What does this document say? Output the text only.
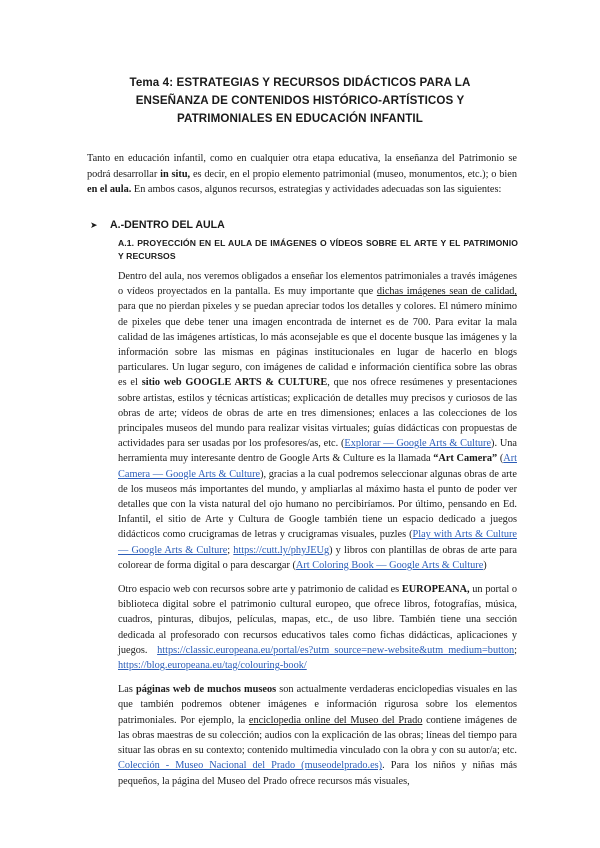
Tema 4: ESTRATEGIAS Y RECURSOS DIDÁCTICOS PARA LA
ENSEÑANZA DE CONTENIDOS HISTÓRICO-ARTÍSTICOS Y
PATRIMONIALES EN EDUCACIÓN INFANTIL
Tanto en educación infantil, como en cualquier otra etapa educativa, la enseñanza del Patrimonio se podrá desarrollar in situ, es decir, en el propio elemento patrimonial (museo, monumentos, etc.); o bien en el aula. En ambos casos, algunos recursos, estrategias y actividades adecuadas son las siguientes:
➤ A.-DENTRO DEL AULA
A.1. PROYECCIÓN EN EL AULA DE IMÁGENES O VÍDEOS SOBRE EL ARTE Y EL PATRIMONIO Y RECURSOS

Dentro del aula, nos veremos obligados a enseñar los elementos patrimoniales a través imágenes o vídeos proyectados en la pantalla. Es muy importante que dichas imágenes sean de calidad, para que no pierdan pixeles y se puedan apreciar todos los detalles y colores. El número mínimo de pixeles que debe tener una imagen encontrada de internet es de 700. Para evitar la mala calidad de las imágenes artísticas, lo más aconsejable es que el docente busque las imágenes y la información sobre las mismas en páginas institucionales en lugar de hacerlo en blogs particulares. Un lugar seguro, con imágenes de calidad e información científica sobre las obras es el sitio web GOOGLE ARTS & CULTURE, que nos ofrece resúmenes y presentaciones sobre artistas, estilos y técnicas artísticas; explicación de detalles muy precisos y curiosos de las obras de arte; vídeos de obras de arte en tres dimensiones; enlaces a las colecciones de los principales museos del mundo para realizar visitas virtuales; guías didácticas con propuestas de actividades para ser usadas por los profesores/as, etc. (Explorar — Google Arts & Culture). Una herramienta muy interesante dentro de Google Arts & Culture es la llamada “Art Camera” (Art Camera — Google Arts & Culture), gracias a la cual podremos seleccionar algunas obras de arte de los museos más importantes del mundo, y ampliarlas al máximo hasta el punto de poder ver detalles que con la vista natural del ojo humano no percibiríamos. Por último, pensando en Ed. Infantil, el sitio de Arte y Cultura de Google también tiene un espacio dedicado a juegos didácticos como crucigramas de letras y crucigramas visuales, puzles (Play with Arts & Culture — Google Arts & Culture; https://cutt.ly/phyJEUg) y libros con plantillas de obras de arte para colorear de forma digital o para descargar (Art Coloring Book — Google Arts & Culture)

Otro espacio web con recursos sobre arte y patrimonio de calidad es EUROPEANA, un portal o biblioteca digital sobre el patrimonio cultural europeo, que ofrece libros, fotografías, música, cuadros, pinturas, dibujos, películas, mapas, etc., de uso libre. También tiene una sección dedicada al profesorado con recursos educativos tales como fichas didácticas, aplicaciones y juegos. https://classic.europeana.eu/portal/es?utm_source=new-website&utm_medium=button; https://blog.europeana.eu/tag/colouring-book/

Las páginas web de muchos museos son actualmente verdaderas enciclopedias visuales en las que también podremos obtener imágenes e información rigurosa sobre los elementos patrimoniales. Por ejemplo, la enciclopedia online del Museo del Prado contiene imágenes de las obras maestras de su colección; audios con la explicación de las obras; líneas del tiempo para situar las obras en su contexto; contenido multimedia vinculado con la obra y con su autor/a; etc. Colección - Museo Nacional del Prado (museodelprado.es). Para los niños y niñas más pequeños, la página del Museo del Prado ofrece recursos más visuales,
